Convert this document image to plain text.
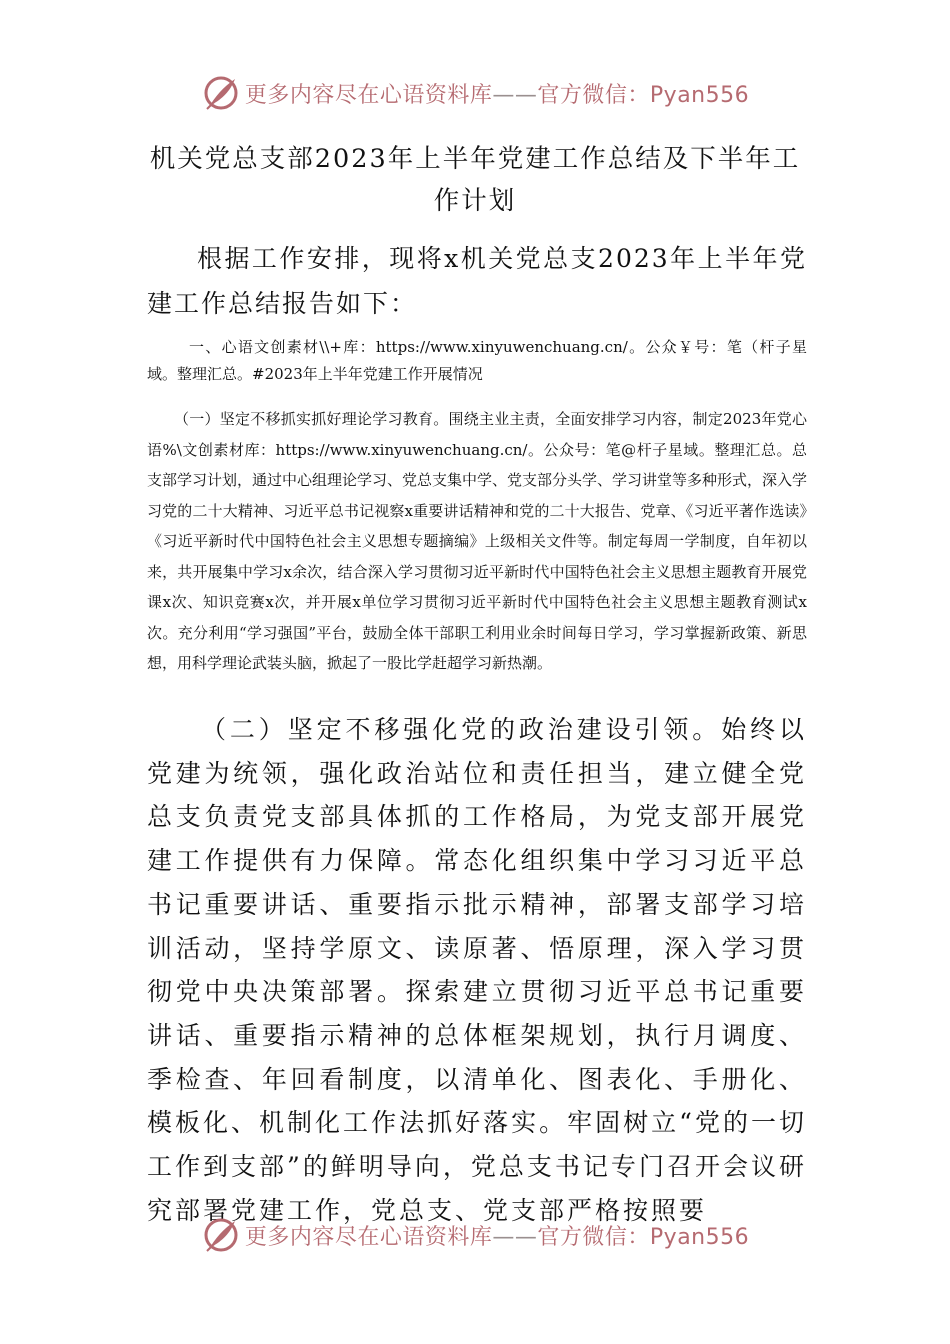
更多内容尽在心语资料库——官方微信：Pyan556
机关党总支部2023年上半年党建工作总结及下半年工作计划

根据工作安排，现将x机关党总支2023年上半年党建工作总结报告如下：

一、心语文创素材\\+库：https://www.xinyuwenchuang.cn/。公众￥号：笔（杆子星域。整理汇总。#2023年上半年党建工作开展情况

（一）坚定不移抓实抓好理论学习教育。围绕主业主责，全面安排学习内容，制定2023年党心语%\文创素材库：https://www.xinyuwenchuang.cn/。公众号：笔@杆子星域。整理汇总。总支部学习计划，通过中心组理论学习、党总支集中学、党支部分头学、学习讲堂等多种形式，深入学习党的二十大精神、习近平总书记视察x重要讲话精神和党的二十大报告、党章、《习近平著作选读》《习近平新时代中国特色社会主义思想专题摘编》上级相关文件等。制定每周一学制度，自年初以来，共开展集中学习x余次，结合深入学习贯彻习近平新时代中国特色社会主义思想主题教育开展党课x次、知识竞赛x次，并开展x单位学习贯彻习近平新时代中国特色社会主义思想主题教育测试x次。充分利用“学习强国”平台，鼓励全体干部职工利用业余时间每日学习，学习掌握新政策、新思想，用科学理论武装头脑，掀起了一股比学赶超学习新热潮。

（二）坚定不移强化党的政治建设引领。始终以党建为统领，强化政治站位和责任担当，建立健全党总支负责党支部具体抓的工作格局，为党支部开展党建工作提供有力保障。常态化组织集中学习习近平总书记重要讲话、重要指示批示精神，部署支部学习培训活动，坚持学原文、读原著、悟原理，深入学习贯彻党中央决策部署。探索建立贯彻习近平总书记重要讲话、重要指示精神的总体框架规划，执行月调度、季检查、年回看制度，以清单化、图表化、手册化、模板化、机制化工作法抓好落实。牢固树立“党的一切工作到支部”的鲜明导向，党总支书记专门召开会议研究部署党建工作，党总支、党支部严格按照要

更多内容尽在心语资料库——官方微信：Pyan556
